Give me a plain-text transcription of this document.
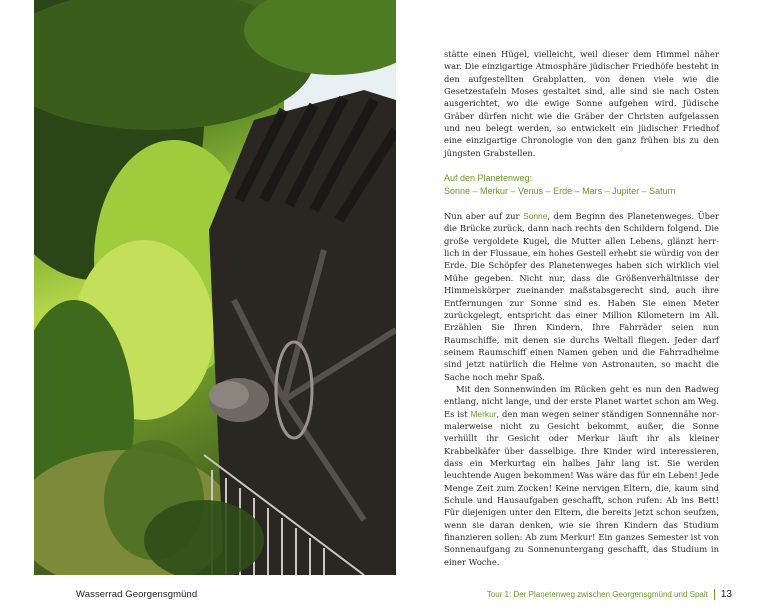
Wasserrad Georgensgmünd

stätte einen Hügel, vielleicht, weil dieser dem Himmel näher war. Die einzigartige Atmosphäre jüdischer Friedhöfe besteht in den aufgestellten Grabplatten, von denen viele wie die Gesetzestafeln Moses gestaltet sind, alle sind sie nach Osten ausgerichtet, wo die ewige Sonne aufgehen wird. Jüdische Gräber dürfen nicht wie die Gräber der Christen aufgelassen und neu belegt werden, so entwickelt ein jüdischer Friedhof eine einzigartige Chronologie von den ganz frühen bis zu den jüngsten Grabstellen.

Auf den Planetenweg:
Sonne – Merkur – Venus – Erde – Mars – Jupiter – Saturn

Nun aber auf zur Sonne, dem Beginn des Planetenweges. Über die Brücke zurück, dann nach rechts den Schildern folgend. Die große vergoldete Kugel, die Mutter allen Lebens, glänzt herrlich in der Flussaue, ein hohes Gestell erhebt sie würdig von der Erde. Die Schöpfer des Planetenweges haben sich wirklich viel Mühe gegeben. Nicht nur, dass die Größenverhältnisse der Himmelskörper zueinander maßstabsgerecht sind, auch ihre Entfernungen zur Sonne sind es. Haben Sie einen Meter zurückgelegt, entspricht das einer Million Kilometern im All. Erzählen Sie Ihren Kindern, Ihre Fahrräder seien nun Raumschiffe, mit denen sie durchs Weltall fliegen. Jeder darf seinem Raumschiff einen Namen geben und die Fahrradhelme sind jetzt natürlich die Helme von Astronauten, so macht die Sache noch mehr Spaß.

Mit den Sonnenwinden im Rücken geht es nun den Radweg entlang, nicht lange, und der erste Planet wartet schon am Weg. Es ist Merkur, den man wegen seiner ständigen Sonnennähe normalerweise nicht zu Gesicht bekommt, außer, die Sonne verhüllt ihr Gesicht oder Merkur läuft ihr als kleiner Krabbelkäfer über dasselbige. Ihre Kinder wird interessieren, dass ein Merkurtag ein halbes Jahr lang ist. Sie werden leuchtende Augen bekommen! Was wäre das für ein Leben! Jede Menge Zeit zum Zocken! Keine nervigen Eltern, die, kaum sind Schule und Hausaufgaben geschafft, schon rufen: Ab ins Bett! Für diejenigen unter den Eltern, die bereits jetzt schon seufzen, wenn sie daran denken, wie sie ihren Kindern das Studium finanzieren sollen: Ab zum Merkur! Ein ganzes Semester ist von Sonnenaufgang zu Sonnenuntergang geschafft, das Studium in einer Woche.

Tour 1: Der Planetenweg zwischen Georgensgmünd und Spalt 13
